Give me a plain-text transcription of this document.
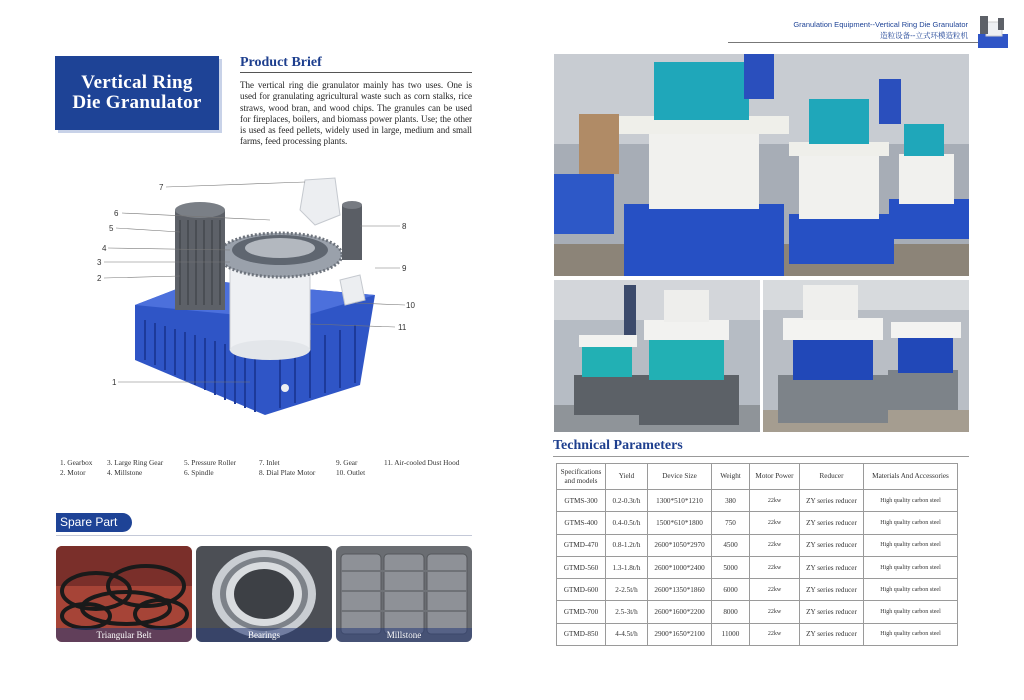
Vertical Ring
Die Granulator
Product Brief

The vertical ring die granulator mainly has two uses. One is used for granulating agricultural waste such as corn stalks, rice straws, wood bran, and wood chips. The granules can be used for fireplaces, boilers, and biomass power plants. Use; the other is used as feed pellets, widely used in large, medium and small farms, feed processing plants.

1
2
3
4
5
6
7
8
9
10
11
1. Gearbox
2. Motor
3. Large Ring Gear
4. Millstone
5. Pressure Roller
6. Spindle
7. Inlet
8. Dial Plate Motor
9. Gear
10. Outlet
11. Air-cooled Dust Hood
Spare Part
Triangular Belt	Bearings	Millstone
Granulation Equipment--Vertical Ring Die Granulator
造粒设备--立式环模造粒机
Technical Parameters
Specifications and models	Yield	Device Size	Weight	Motor Power	Reducer	Materials And Accessories
GTMS-300	0.2-0.3t/h	1300*510*1210	380	22kw	ZY series reducer	High quality carbon steel
GTMS-400	0.4-0.5t/h	1500*610*1800	750	22kw	ZY series reducer	High quality carbon steel
GTMD-470	0.8-1.2t/h	2600*1050*2970	4500	22kw	ZY series reducer	High quality carbon steel
GTMD-560	1.3-1.8t/h	2600*1000*2400	5000	22kw	ZY series reducer	High quality carbon steel
GTMD-600	2-2.5t/h	2600*1350*1860	6000	22kw	ZY series reducer	High quality carbon steel
GTMD-700	2.5-3t/h	2600*1600*2200	8000	22kw	ZY series reducer	High quality carbon steel
GTMD-850	4-4.5t/h	2900*1650*2100	11000	22kw	ZY series reducer	High quality carbon steel
